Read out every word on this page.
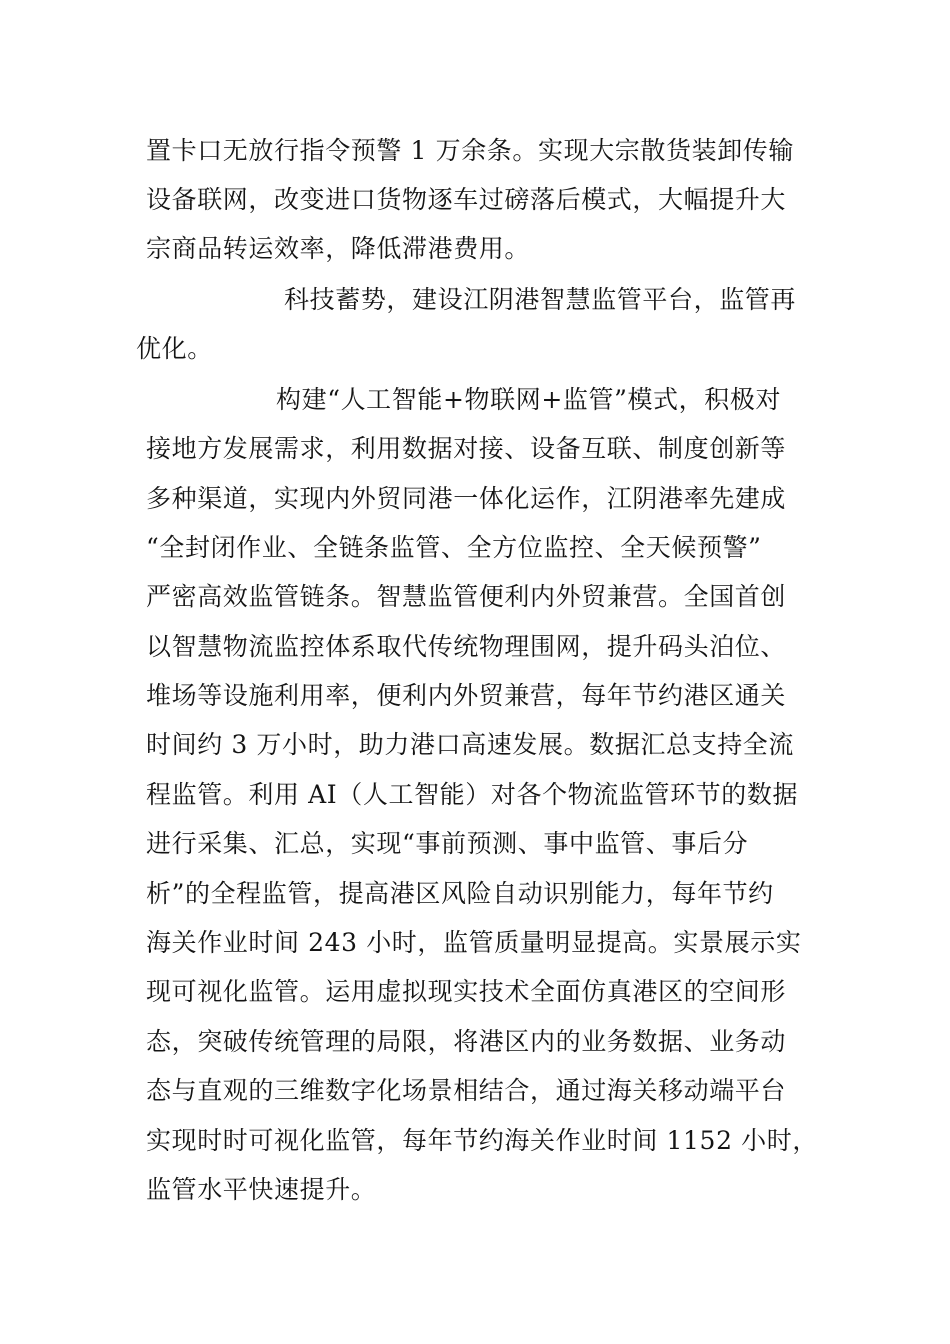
置卡口无放行指令预警 1 万余条。实现大宗散货装卸传输
设备联网，改变进口货物逐车过磅落后模式，大幅提升大
宗商品转运效率，降低滞港费用。
科技蓄势，建设江阴港智慧监管平台，监管再
优化。
构建“人工智能+物联网+监管”模式，积极对
接地方发展需求，利用数据对接、设备互联、制度创新等
多种渠道，实现内外贸同港一体化运作，江阴港率先建成
“全封闭作业、全链条监管、全方位监控、全天候预警”
严密高效监管链条。智慧监管便利内外贸兼营。全国首创
以智慧物流监控体系取代传统物理围网，提升码头泊位、
堆场等设施利用率，便利内外贸兼营，每年节约港区通关
时间约 3 万小时，助力港口高速发展。数据汇总支持全流
程监管。利用 AI（人工智能）对各个物流监管环节的数据
进行采集、汇总，实现“事前预测、事中监管、事后分
析”的全程监管，提高港区风险自动识别能力，每年节约
海关作业时间 243 小时，监管质量明显提高。实景展示实
现可视化监管。运用虚拟现实技术全面仿真港区的空间形
态，突破传统管理的局限，将港区内的业务数据、业务动
态与直观的三维数字化场景相结合，通过海关移动端平台
实现时时可视化监管，每年节约海关作业时间 1152 小时，
监管水平快速提升。
